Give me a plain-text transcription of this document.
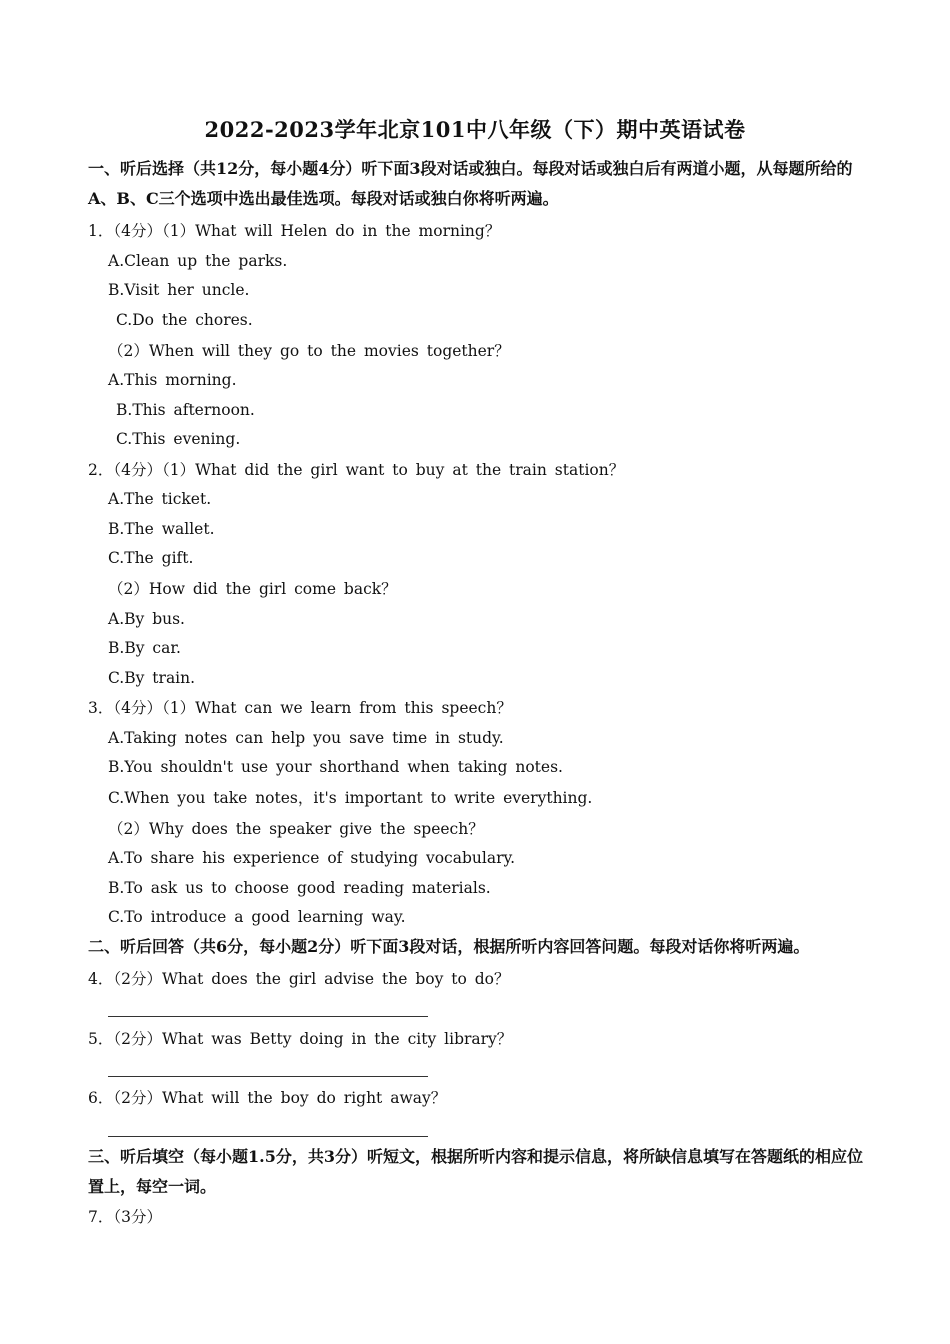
2022-2023学年北京101中八年级（下）期中英语试卷
一、听后选择（共12分，每小题4分）听下面3段对话或独白。每段对话或独白后有两道小题，从每题所给的A、B、C三个选项中选出最佳选项。每段对话或独白你将听两遍。
1．（4分）（1）What will Helen do in the morning？
A.Clean up the parks.
B.Visit her uncle.
C.Do the chores.
（2）When will they go to the movies together？
A.This morning.
B.This afternoon.
C.This evening.
2．（4分）（1）What did the girl want to buy at the train station？
A.The ticket.
B.The wallet.
C.The gift.
（2）How did the girl come back？
A.By bus.
B.By car.
C.By train.
3．（4分）（1）What can we learn from this speech？
A.Taking notes can help you save time in study.
B.You shouldn't use your shorthand when taking notes.
C.When you take notes，it's important to write everything.
（2）Why does the speaker give the speech？
A.To share his experience of studying vocabulary.
B.To ask us to choose good reading materials.
C.To introduce a good learning way.
二、听后回答（共6分，每小题2分）听下面3段对话，根据所听内容回答问题。每段对话你将听两遍。
4．（2分）What does the girl advise the boy to do？
5．（2分）What was Betty doing in the city library？
6．（2分）What will the boy do right away？
三、听后填空（每小题1.5分，共3分）听短文，根据所听内容和提示信息，将所缺信息填写在答题纸的相应位置上，每空一词。
7．（3分）
